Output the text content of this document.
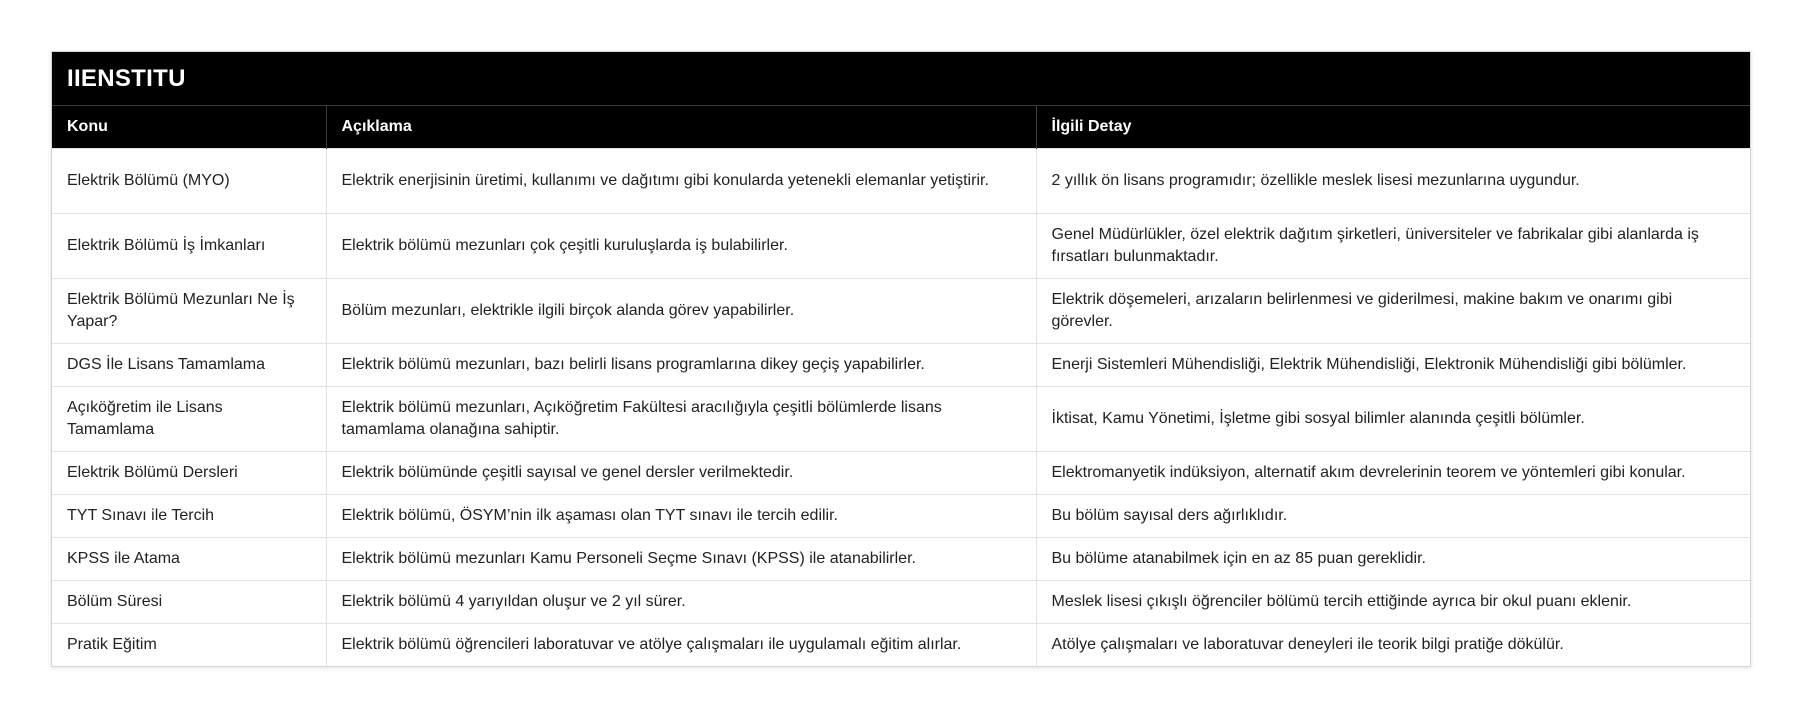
IIENSTITU
Konu	Açıklama	İlgili Detay
Elektrik Bölümü (MYO)	Elektrik enerjisinin üretimi, kullanımı ve dağıtımı gibi konularda yetenekli elemanlar yetiştirir.	2 yıllık ön lisans programıdır; özellikle meslek lisesi mezunlarına uygundur.
Elektrik Bölümü İş İmkanları	Elektrik bölümü mezunları çok çeşitli kuruluşlarda iş bulabilirler.	Genel Müdürlükler, özel elektrik dağıtım şirketleri, üniversiteler ve fabrikalar gibi alanlarda iş fırsatları bulunmaktadır.
Elektrik Bölümü Mezunları Ne İş Yapar?	Bölüm mezunları, elektrikle ilgili birçok alanda görev yapabilirler.	Elektrik döşemeleri, arızaların belirlenmesi ve giderilmesi, makine bakım ve onarımı gibi görevler.
DGS İle Lisans Tamamlama	Elektrik bölümü mezunları, bazı belirli lisans programlarına dikey geçiş yapabilirler.	Enerji Sistemleri Mühendisliği, Elektrik Mühendisliği, Elektronik Mühendisliği gibi bölümler.
Açıköğretim ile Lisans Tamamlama	Elektrik bölümü mezunları, Açıköğretim Fakültesi aracılığıyla çeşitli bölümlerde lisans tamamlama olanağına sahiptir.	İktisat, Kamu Yönetimi, İşletme gibi sosyal bilimler alanında çeşitli bölümler.
Elektrik Bölümü Dersleri	Elektrik bölümünde çeşitli sayısal ve genel dersler verilmektedir.	Elektromanyetik indüksiyon, alternatif akım devrelerinin teorem ve yöntemleri gibi konular.
TYT Sınavı ile Tercih	Elektrik bölümü, ÖSYM’nin ilk aşaması olan TYT sınavı ile tercih edilir.	Bu bölüm sayısal ders ağırlıklıdır.
KPSS ile Atama	Elektrik bölümü mezunları Kamu Personeli Seçme Sınavı (KPSS) ile atanabilirler.	Bu bölüme atanabilmek için en az 85 puan gereklidir.
Bölüm Süresi	Elektrik bölümü 4 yarıyıldan oluşur ve 2 yıl sürer.	Meslek lisesi çıkışlı öğrenciler bölümü tercih ettiğinde ayrıca bir okul puanı eklenir.
Pratik Eğitim	Elektrik bölümü öğrencileri laboratuvar ve atölye çalışmaları ile uygulamalı eğitim alırlar.	Atölye çalışmaları ve laboratuvar deneyleri ile teorik bilgi pratiğe dökülür.
